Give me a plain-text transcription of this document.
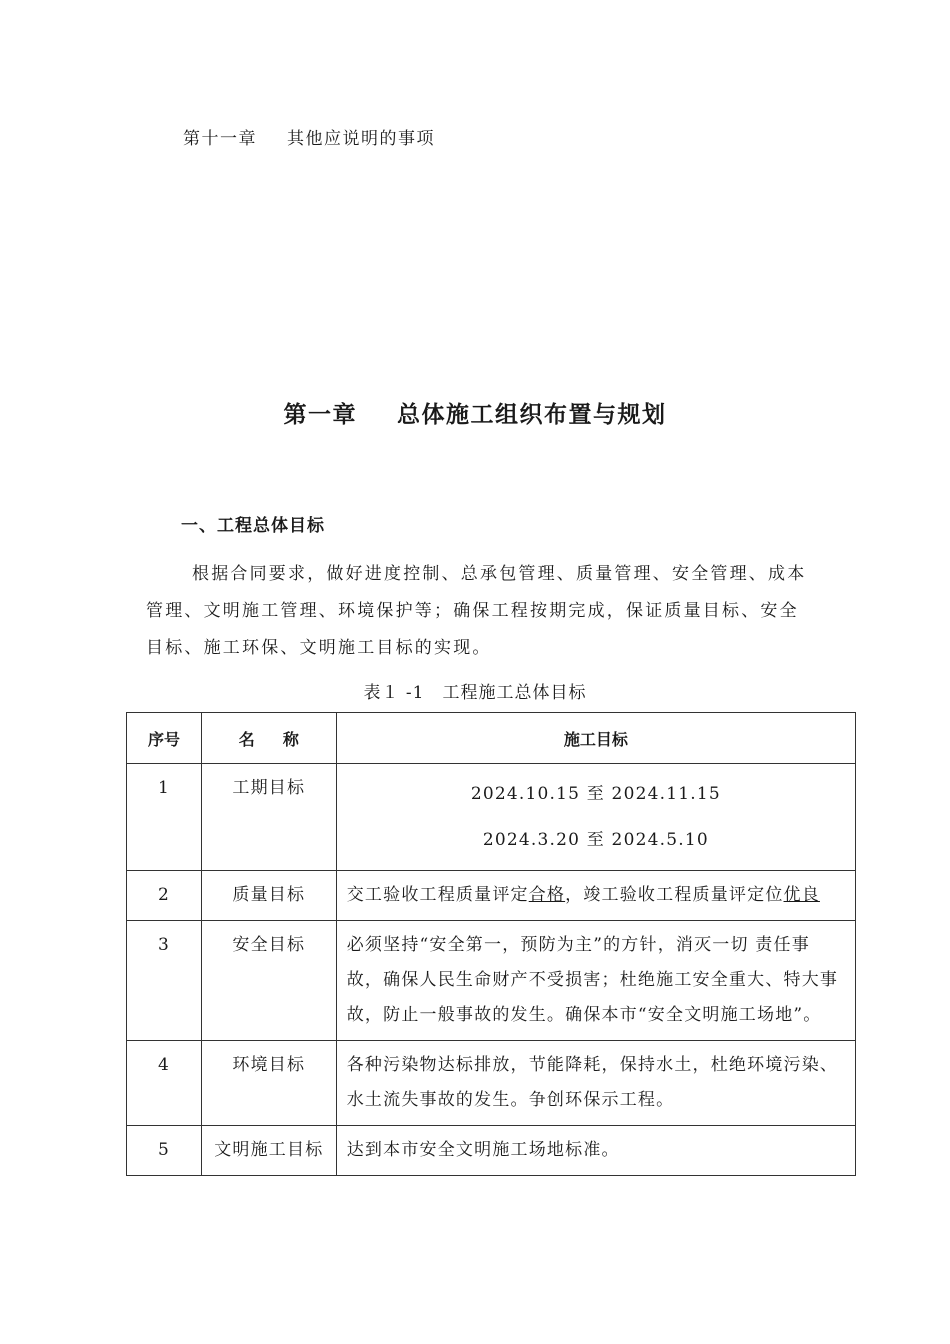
第十一章 其他应说明的事项
第一章 总体施工组织布置与规划
一、工程总体目标

根据合同要求，做好进度控制、总承包管理、质量管理、安全管理、成本管理、文明施工管理、环境保护等；确保工程按期完成，保证质量目标、安全目标、施工环保、文明施工目标的实现。

表１ -1 工程施工总体目标
序号	名 称	施工目标
1	工期目标	2024.10.15 至 2024.11.15
2024.3.20 至 2024.5.10

2	质量目标	交工验收工程质量评定合格，竣工验收工程质量评定位优良
3	安全目标	必须坚持“安全第一，预防为主”的方针，消灭一切 责任事故，确保人民生命财产不受损害；杜绝施工安全重大、特大事故，防止一般事故的发生。确保本市“安全文明施工场地”。
4	环境目标	各种污染物达标排放，节能降耗，保持水土，杜绝环境污染、水土流失事故的发生。争创环保示工程。
5	文明施工目标	达到本市安全文明施工场地标准。
